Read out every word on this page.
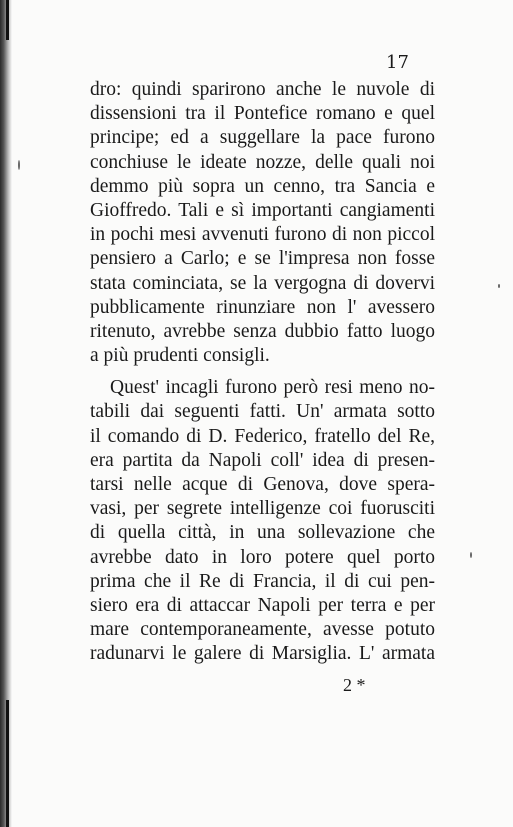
17
dro: quindi sparirono anche le nuvole di
dissensioni tra il Pontefice romano e quel
principe; ed a suggellare la pace furono
conchiuse le ideate nozze, delle quali noi
demmo più sopra un cenno, tra Sancia e
Gioffredo. Tali e sì importanti cangiamenti
in pochi mesi avvenuti furono di non piccol
pensiero a Carlo; e se l'impresa non fosse
stata cominciata, se la vergogna di dovervi
pubblicamente rinunziare non l' avessero
ritenuto, avrebbe senza dubbio fatto luogo
a più prudenti consigli.
Quest' incagli furono però resi meno no-
tabili dai seguenti fatti. Un' armata sotto
il comando di D. Federico, fratello del Re,
era partita da Napoli coll' idea di presen-
tarsi nelle acque di Genova, dove spera-
vasi, per segrete intelligenze coi fuorusciti
di quella città, in una sollevazione che
avrebbe dato in loro potere quel porto
prima che il Re di Francia, il di cui pen-
siero era di attaccar Napoli per terra e per
mare contemporaneamente, avesse potuto
radunarvi le galere di Marsiglia. L' armata
2 *
